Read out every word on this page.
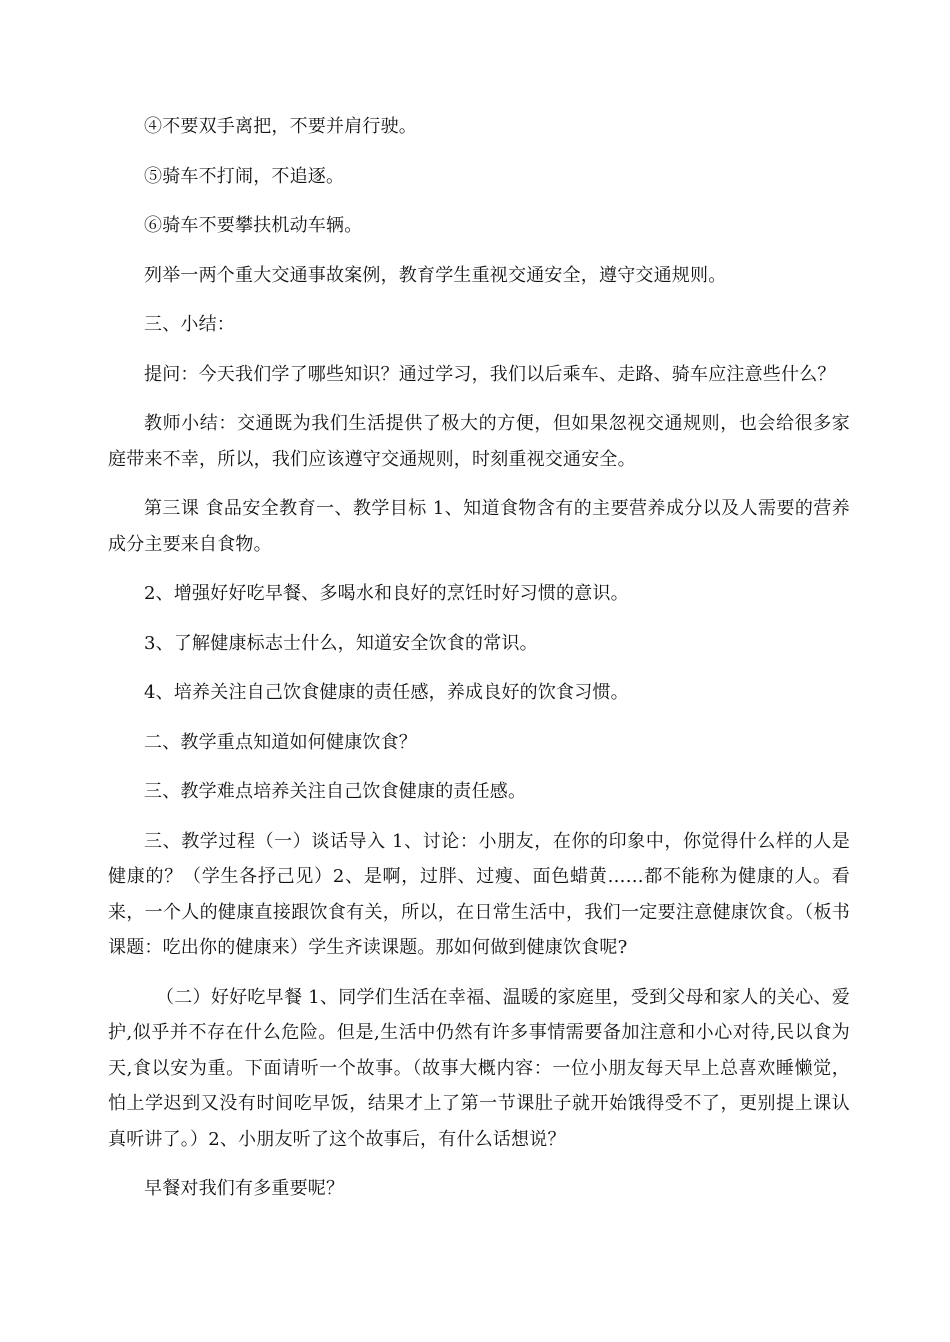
④不要双手离把，不要并肩行驶。

⑤骑车不打闹，不追逐。

⑥骑车不要攀扶机动车辆。

列举一两个重大交通事故案例，教育学生重视交通安全，遵守交通规则。

三、小结：

提问：今天我们学了哪些知识？通过学习，我们以后乘车、走路、骑车应注意些什么？

教师小结：交通既为我们生活提供了极大的方便，但如果忽视交通规则，也会给很多家庭带来不幸，所以，我们应该遵守交通规则，时刻重视交通安全。

第三课 食品安全教育一、教学目标 1、知道食物含有的主要营养成分以及人需要的营养成分主要来自食物。

2、增强好好吃早餐、多喝水和良好的烹饪时好习惯的意识。

3、了解健康标志士什么，知道安全饮食的常识。

4、培养关注自己饮食健康的责任感，养成良好的饮食习惯。

二、教学重点知道如何健康饮食？

三、教学难点培养关注自己饮食健康的责任感。

三、教学过程（一）谈话导入 1、讨论：小朋友，在你的印象中，你觉得什么样的人是健康的？（学生各抒己见）2、是啊，过胖、过瘦、面色蜡黄……都不能称为健康的人。看来，一个人的健康直接跟饮食有关，所以，在日常生活中，我们一定要注意健康饮食。（板书课题：吃出你的健康来）学生齐读课题。那如何做到健康饮食呢?

（二）好好吃早餐 1、同学们生活在幸福、温暖的家庭里，受到父母和家人的关心、爱护,似乎并不存在什么危险。但是,生活中仍然有许多事情需要备加注意和小心对待,民以食为天,食以安为重。下面请听一个故事。（故事大概内容：一位小朋友每天早上总喜欢睡懒觉，怕上学迟到又没有时间吃早饭，结果才上了第一节课肚子就开始饿得受不了，更别提上课认真听讲了。）2、小朋友听了这个故事后，有什么话想说？

早餐对我们有多重要呢？
